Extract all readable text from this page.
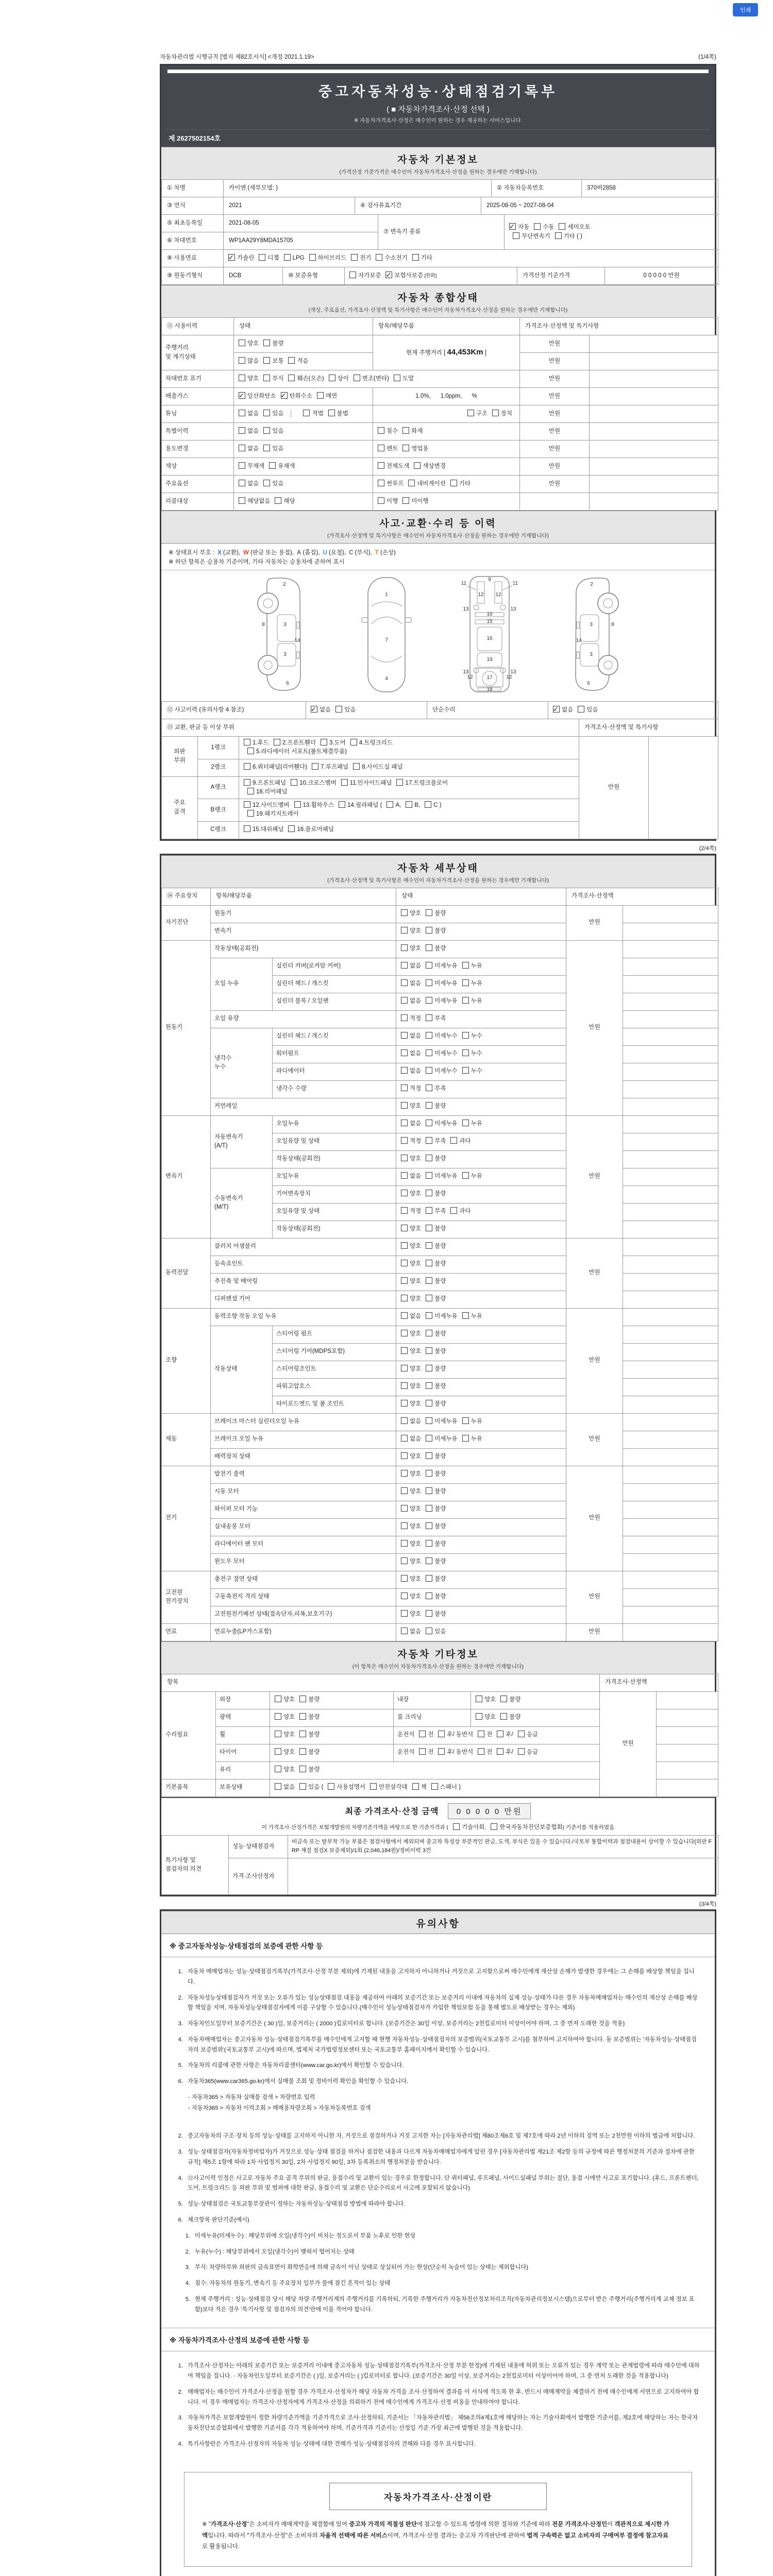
인쇄
자동차관리법 시행규칙 [별지 제82호서식] <개정 2021.1.19>	(1/4쪽)
중고자동차성능·상태점검기록부
( ■ 자동차가격조사·산정 선택 )
※ 자동차가격조사·산정은 매수인이 원하는 경우 제공하는 서비스입니다.
제 2627502154호
자동차 기본정보
(가격산정 기준가격은 매수인이 자동차가격조사·산정을 원하는 경우에만 기재합니다)
① 차명	카이엔 (세부모델: )	② 자동차등록번호	370버2858
③ 연식	2021	④ 검사유효기간	2025-08-05 ~ 2027-08-04
⑤ 최초등록일	2021-08-05	⑦ 변속기 종류	✓자동 수동 세미오토
무단변속기 기타 ( )
⑥ 차대번호	WP1AA29Y8MDA15705		
⑧ 사용연료	✓가솔린 디젤 LPG 하이브리드 전기 수소전기 기타
⑨ 원동기형식	DCB	⑩ 보증유형	자가보증 ✓ 보험사보증 [한화]	가격산정 기준가격	0 0 0 0 0 만원
자동차 종합상태
(색상, 주요옵션, 가격조사·산정액 및 특기사항은 매수인이 자동차가격조사·산정을 원하는 경우에만 기재합니다)
⑪ 사용이력	상태	항목/해당부품	가격조사·산정액 및 특기사항	
주행거리
및 계기상태	양호 불량	현재 주행거리 [ 44,453Km ]	만원	
	많음 보통 적음		만원	
차대번호 표기	양호 부식 훼손(오손) 상이 변조(변타) 도말		만원	
배출가스	✓일산화탄소 ✓ 탄화수소 매연	1.0%,      1.0ppm,      %	만원	
튜닝	없음 있음 적법 불법	구조 장치	만원	
특별이력	없음 있음	침수 화재	만원	
용도변경	없음 있음	렌트 영업용	만원	
색상	무채색 유채색	전체도색 색상변경	만원	
주요옵션	없음 있음	썬루프 네비게이션 기타	만원	
리콜대상	해당없음 해당	이행 미이행		
사고·교환·수리 등 이력
(가격조사·산정액 및 특기사항은 매수인이 자동차가격조사·산정을 원하는 경우에만 기재합니다)
※ 상태표시 부호 : X (교환), W (판금 또는 용접), A (흠집), U (요철), C (부식), T (손상)
※ 하단 항목은 승용차 기준이며, 기타 자동차는 승용차에 준하여 표시
2
8	3
14
3
6
1
7
4
11
9
11
12 12
13	13
10
15
16
13
19
13
12	17	12
18
2
8
3
14
3
6
⑫ 사고이력 (유의사항 4 참조)	✓없음 있음	단순수리	✓없음 있음
⑬ 교환, 판금 등 이상 부위			가격조사·산정액 및 특기사항	
외판
부위	1랭크	1.후드 2.프론트휀더 3.도어 4.트렁크리드
5.라디에이터 서포트(볼트체결부품)	만원	
	2랭크	6.쿼터패널(리어휀다) 7.루프패널 8.사이드실 패널		
주요
골격	A랭크	9.프론트패널 10.크로스멤버 11.인사이드패널 17.트렁크플로어
18.리어패널		
	B랭크	12.사이드멤버 13.휠하우스 14.필라패널 ( A, B, C )
19.패키지트레이		
	C랭크	15.대쉬패널 16.플로어패널		
(2/4쪽)
자동차 세부상태
(가격조사·산정액 및 특기사항은 매수인이 자동차가격조사·산정을 원하는 경우에만 기재합니다)
⑭ 주요장치	항목/해당부품		상태	가격조사·산정액	
자기진단	원동기		양호 불량	만원	
	변속기		양호 불량		
원동기	작동상태(공회전)		양호 불량	만원	
	오일 누유	실린더 커버(로커암 커버)	없음 미세누유 누유		
		실린더 헤드 / 개스킷	없음 미세누유 누유		
		실린더 블록 / 오일팬	없음 미세누유 누유		
	오일 유량		적정 부족		
	냉각수
누수	실린더 헤드 / 개스킷	없음 미세누수 누수		
		워터펌프	없음 미세누수 누수		
		라디에이터	없음 미세누수 누수		
		냉각수 수량	적정 부족		
	커먼레일		양호 불량		
변속기	자동변속기
(A/T)	오일누유	없음 미세누유 누유	만원	
		오일유량 및 상태	적정 부족 과다		
		작동상태(공회전)	양호 불량		
	수동변속기
(M/T)	오일누유	없음 미세누유 누유		
		기어변속장치	양호 불량		
		오일유량 및 상태	적정 부족 과다		
		작동상태(공회전)	양호 불량		
동력전달	클러치 어셈블리		양호 불량	만원	
	등속죠인트		양호 불량		
	추진축 및 베어링		양호 불량		
	디퍼렌셜 기어		양호 불량		
조향	동력조향 작동 오일 누유		없음 미세누유 누유	만원	
	작동상태	스티어링 펌프	양호 불량		
		스티어링 기어(MDPS포함)	양호 불량		
		스티어링조인트	양호 불량		
		파워고압호스	양호 불량		
		타이로드엔드 및 볼 조인트	양호 불량		
제동	브레이크 마스터 실린더오일 누유		없음 미세누유 누유	만원	
	브레이크 오일 누유		없음 미세누유 누유		
	배력장치 상태		양호 불량		
전기	발전기 출력		양호 불량	만원	
	시동 모터		양호 불량		
	와이퍼 모터 기능		양호 불량		
	실내송풍 모터		양호 불량		
	라디에이터 팬 모터		양호 불량		
	윈도우 모터		양호 불량		
고전원
전기장치	충전구 절연 상태		양호 불량	만원	
	구동축전지 격리 상태		양호 불량		
	고전원전기배선 상태(접속단자,피복,보호기구)		양호 불량		
연료	연료누출(LP가스포함)		없음 있음	만원	
자동차 기타정보
(이 항목은 매수인이 자동차가격조사·산정을 원하는 경우에만 기재합니다)
항목					가격조사·산정액	
수리필요	외장	양호 불량	내장	양호 불량	만원	
	광택	양호 불량	룸 크리닝	양호 불량		
	휠	양호 불량	운전석 전 후/ 동반석 전 후/ 응급			
	타이어	양호 불량	운전석 전 후/ 동반석 전 후/ 응급			
	유리	양호 불량				
기본품목	보유상태	없음 있음 ( 사용설명서 안전삼각대 잭 스패너 )				
최종 가격조사·산정 금액 0 0 0 0 0 만원
이 가격조사·산정가격은 보험개발원의 차량기준가액을 바탕으로 한 기준가격과 ( 기술사회, 한국자동차진단보증협회) 기준서를 적용하였음
특기사항 및
점검자의 의견	성능·상태점검자	비금속 또는 탈부착 가능 부품은 점검사항에서 제외되며 중고차 특성상 부분적인 판금, 도색, 부식은 있을 수 있습니다./국토부 통합이력과 점검내용이 상이할 수 있습니다(외판 FRP 재질 점검X 보증제외)/1회 (2,046,184원)/정비이력 3건
	가격·조사산정자	
(3/4쪽)
유의사항
※ 중고자동차성능·상태점검의 보증에 관한 사항 등
1. 자동차 매매업자는 성능·상태점검기록부(가격조사·산정 부분 제외)에 기재된 내용을 고지하지 아니하거나 거짓으로 고지함으로써 매수인에게 재산상 손해가 발생한 경우에는 그 손해를 배상할 책임을 집니다.
2. 자동차성능상태점검자가 거짓 또는 오류가 있는 성능상태점검 내용을 제공하여 아래의 보증기간 또는 보증거리 이내에 자동차의 실제 성능·상태가 다른 경우 자동차매매업자는 매수인의 재산상 손해를 배상할 책임을 지며, 자동차성능상태점검자에게 이를 구상할 수 있습니다.(매수인이 성능상태점검자가 가입한 책임보험 등을 통해 별도로 배상받는 경우는 제외)
3. 자동차인도일부터 보증기간은 ( 30 )일, 보증거리는 ( 2000 )킬로미터로 합니다. (보증기간은 30일 이상, 보증거리는 2천킬로미터 이상이어야 하며, 그 중 먼저 도래한 것을 적용)
4. 자동차매매업자는 중고자동차 성능·상태점검기록부를 매수인에게 고지할 때 현행 자동차성능·상태점검자의 보증범위(국토교통부 고시)를 첨부하여 고지하여야 합니다. 동 보증범위는 '자동차성능·상태점검자의 보증범위'(국토교통부 고시)에 따르며, 법제처 국가법령정보센터 또는 국토교통부 홈페이지에서 확인할 수 있습니다.
5. 자동차의 리콜에 관한 사항은 자동차리콜센터(www.car.go.kr)에서 확인할 수 있습니다.
6. 자동차365(www.car365.go.kr)에서 실매물 조회 및 정비이력 확인을 확인할 수 있습니다.
- 자동차365 > 자동차 실매물 검색 > 차량번호 입력
- 자동차365 > 자동차 이력조회 > 매매용차량조회 > 자동차등록번호 검색
2. 중고자동차의 구조·장치 등의 성능·상태를 고지하지 아니한 자, 거짓으로 점검하거나 거짓 고지한 자는 [자동차관리법] 제80조제6호 및 제7호에 따라 2년 이하의 징역 또는 2천만원 이하의 벌금에 처합니다.
3. 성능·상태점검자(자동차정비업자)가 거짓으로 성능·상태 점검을 하거나 점검한 내용과 다르게 자동차매매업자에게 알린 경우 [자동차관리법 제21조 제2항 등의 규정에 따른 행정처분의 기준과 절차에 관한 규칙] 제5조 1항에 따라 1차 사업정지 30일, 2차 사업정지 90일, 3차 등록취소의 행정처분을 받습니다.
4. ⑫사고이력 인정은 사고로 자동차 주요 골격 부위의 판금, 용접수리 및 교환이 있는 경우로 한정합니다. 단 쿼터패널, 루프패널, 사이드실패널 부위는 절단, 용접 시에만 사고로 표기합니다. (후드, 프론트펜더, 도어, 트렁크리드 등 외판 부위 및 범퍼에 대한 판금, 용접수리 및 교환은 단순수리로서 사고에 포함되지 않습니다)
5. 성능·상태점검은 국토교통부장관이 정하는 자동차성능·상태점검 방법에 따라야 합니다.
6. 체크항목 판단기준(예시)
1. 미세누유(미세누수) : 해당부위에 오일(냉각수)이 비치는 정도로서 부품 노후로 인한 현상
2. 누유(누수) : 해당부위에서 오일(냉각수)이 맺혀서 떨어지는 상태
3. 부식: 차량하부와 외판의 금속표면이 화학반응에 의해 금속이 아닌 상태로 상실되어 가는 현상(단순히 녹슬어 있는 상태는 제외합니다)
4. 침수: 자동차의 원동기, 변속기 등 주요장치 일부가 물에 잠긴 흔적이 있는 상태
5. 현재 주행거리 : 성능·상태점검 당시 해당 차량 주행거리계의 주행거리를 기록하되, 기록한 주행거리가 자동차전산정보처리조직(자동차관리정보시스템)으로부터 받은 주행거리(주행거리계 교체 정보 포함)보다 적은 경우 '특기사항 및 점검자의 의견'란에 이를 적어야 합니다.
※ 자동차가격조사·산정의 보증에 관한 사항 등
1. 가격조사·산정자는 아래의 보증기간 또는 보증거리 이내에 중고자동차 성능·상태점검기록부(가격조사·산정 부분 한정)에 기재된 내용에 허위 또는 오류가 있는 경우 계약 또는 관계법령에 따라 매수인에 대하여 책임을 집니다. · 자동차인도일부터 보증기간은 ( )일, 보증거리는 ( )킬로미터로 합니다. (보증기간은 30일 이상, 보증거리는 2천킬로미터 이상이어야 하며, 그 중 먼저 도래한 것을 적용합니다)
2. 매매업자는 매수인이 가격조사·산정을 원할 경우 가격조사·산정자가 해당 자동차 가격을 조사·산정하여 결과를 이 서식에 적도록 한 후, 반드시 매매계약을 체결하기 전에 매수인에게 서면으로 고지하여야 합니다. 이 경우 매매업자는 가격조사·산정자에게 가격조사·산정을 의뢰하기 전에 매수인에게 가격조사·산정 비용을 안내하여야 합니다.
3. 자동차가격은 보험개발원이 정한 차량기준가액을 기준가격으로 조사·산정하되, 기준서는 「자동차관리법」 제58조의4제1호에 해당하는 자는 기술사회에서 발행한 기준서를, 제2호에 해당하는 자는 한국자동차진단보증협회에서 발행한 기준서를 각각 적용하여야 하며, 기준가격과 기준서는 산정일 기준 가장 최근에 발행된 것을 적용합니다.
4. 특기사항란은 가격조사·산정자의 자동차 성능·상태에 대한 견해가 성능·상태점검자의 견해와 다를 경우 표시합니다.
자동차가격조사·산정이란
※ "가격조사·산정"은 소비자가 매매계약을 체결함에 있어 중고차 가격의 적절성 판단에 참고할 수 있도록 법령에 의한 절차와 기준에 따라 전문 가격조사·산정인이 객관적으로 제시한 가액입니다. 따라서 "가격조사·산정"은 소비자의 자율적 선택에 따른 서비스이며, 가격조사·산정 결과는 중고차 가격판단에 관하여 법적 구속력은 없고 소비자의 구매여부 결정에 참고자료로 활용됩니다.
